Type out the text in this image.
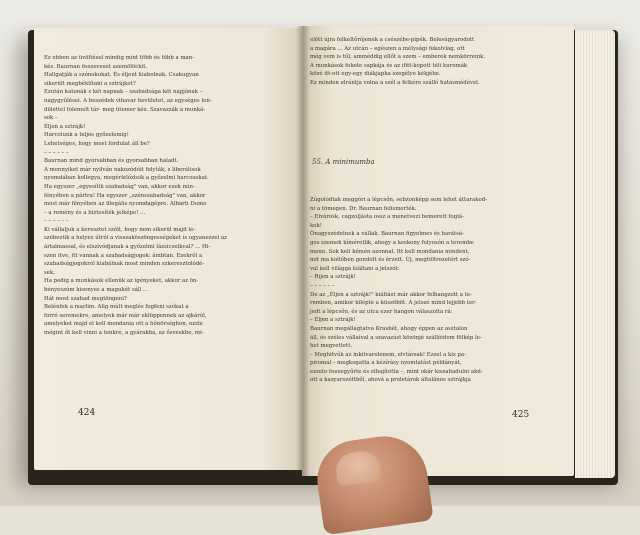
Ez ebben az üvöltésel mindig mint több és több a man-

kés. Baurnan összeveset azemölöckit.

Hallgatják a szónokokat. És éljent kiabolnak. Csakugyan

sikerült megbéklítani a sztrájkot?

Ezután katonák s két napnak – szabadsága két napjának –

nagygyűlései. A beszédek vihavar hevületet, az egységes len-

dülettel folemelt tár- meg ütemer kéz. Szavazzák a munká-

sok –

Éljen a sztrájk!

Harcolunk a teljes győzelemig!

Lehetséges, hogy most fordulat áll be?

– – – – – –

Baurnan mind gyorsabban és gyorsabban haladt.

A mennyiket már nyilván nakozódóit folyták, s liberálisok

nyomdában kollegya, megérlelőzteik a győzelmi harcosokat.

Ha egyszer „egyesítik szabadság" van, akkor ezek min-

fényében a pártra! Ha egyszer „szénszabadság" van, akkor

most már fényében az illegális nyomdagépre. Albarti Dumo

– a remény és a biztosíték jelképe! ...

– – – – – –

Ki vállaljuk a keresztet szólt, hogy nem sikerül majd le-

szóbeztik a helyes útról a visszaköszöngességeket is ugyanezzel az

ártalmassal, és elszívódjanak a győzelmi lázsicselkval? ... Hi-

szen itve, itt vannak a szabadságjogok: ámbtan. Ezekről a

szabadságjogokról kiabálnak most minden szkeresztolódé-

sek.

Ha pedig a munkások ellenük az igényeket, akkor az ön-

bényeszúm kisenyes a magukét sáll ...

Hát most szabad megtöngeni?

Belénfek a marlim. Alig múlt meglés fogfeni szókat a

forró seremekre, amelyek már már eklöppennek az ajkáról,

amelyeket majd el kell mondania ott a hónörséghon, ezzle

mégint őt kell vinni a tenkre, a gyárakba, az ősveskbe, mi-

424

elött újra felkeltőrójenek a csészébe-pipék. Belesúgyarodott

a magára ... Az utcán – egészen a mélysági fekolvlag, ott

még vem is tűl, amméddig ellőt a szem – emberek nemkörreink.

A munkások fekete sapkája és az ifitt-kopott téli kuromák

közé itt-ott egy-egy diákjapka szegélye kékjébe.

Ez minden elrántja volna a szél a felkére szálló hatásmédével.

55. A minimumba

Zúgolódtak meggóri a lépcsőn, sebzonképp sem lehet áttarakod-

ni a tömegen. Dr. Baurnan felismerték.

– Elvárosk, cagzoljásta ossz a menetvezi bemerett foglá-

kok!

Önagyszédelnek a vállak. Baurnan figyelmes és barátsá-

gos szemek kíméretlik, ahogy a keskeny folyosón a terembe

menn. Sok kell kémén azonnal. Itt kell mondania mindent,

mit ma kiélőben gondolt és érzett. Új, megtöltrezetért szó-

val kell világgá kiáltani a jelszót:

– Rijen a sztrájk!

– – – – – –

De az „Éljen a sztrájk!" kiáltást már akkor felhangzott a te-

remben, amikor kilépte a küszöböt. A jelszó mind lejjebb ter-

jedt a lépcsőn, és az utca ezer hangon válaszolta rá:

– Éljen a sztrájk!

Baurnan megállagtatva Krasbét, ahogy éppen az asztalon

áll, és széles vállaival a szavazást közönjé szállóidom fölkép le-

het megvettett.

– Meghitvűk az inkitvarolenem, elvtársak! Ezzel a kis pa-

piromal – megkogatta a kézírásy nyomtatást példányát,

ezzelo összegyűrte és elhajította –, mint okár kiszabadulni akd-

ott a kazyarozéttből, ahová a proletárok általános sztrájkja

425
